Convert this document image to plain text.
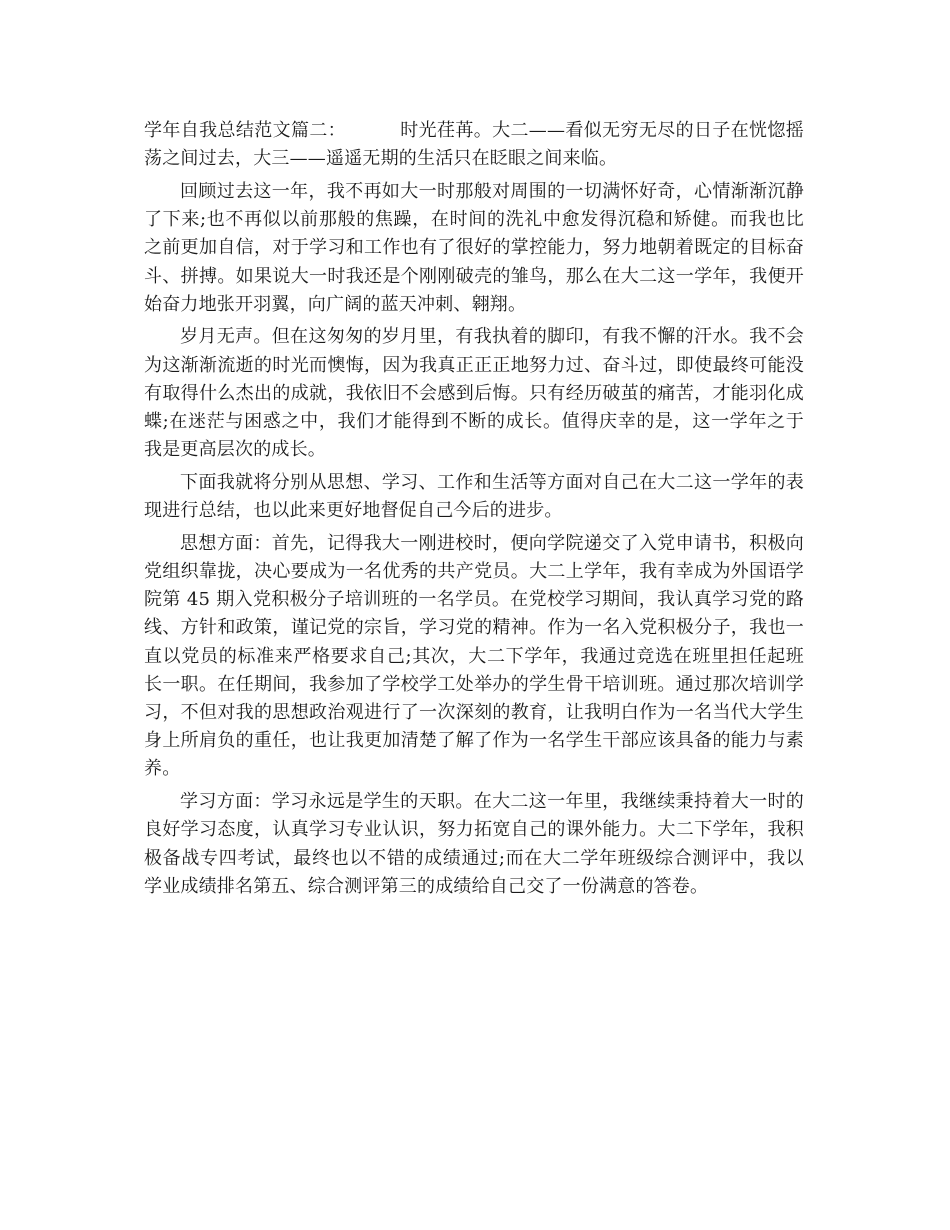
学年自我总结范文篇二：	时光荏苒。大二——看似无穷无尽的日子在恍惚摇荡之间过去，大三——遥遥无期的生活只在眨眼之间来临。

回顾过去这一年，我不再如大一时那般对周围的一切满怀好奇，心情渐渐沉静了下来;也不再似以前那般的焦躁，在时间的洗礼中愈发得沉稳和矫健。而我也比之前更加自信，对于学习和工作也有了很好的掌控能力，努力地朝着既定的目标奋斗、拼搏。如果说大一时我还是个刚刚破壳的雏鸟，那么在大二这一学年，我便开始奋力地张开羽翼，向广阔的蓝天冲刺、翱翔。

岁月无声。但在这匆匆的岁月里，有我执着的脚印，有我不懈的汗水。我不会为这渐渐流逝的时光而懊悔，因为我真正正正地努力过、奋斗过，即使最终可能没有取得什么杰出的成就，我依旧不会感到后悔。只有经历破茧的痛苦，才能羽化成蝶;在迷茫与困惑之中，我们才能得到不断的成长。值得庆幸的是，这一学年之于我是更高层次的成长。

下面我就将分别从思想、学习、工作和生活等方面对自己在大二这一学年的表现进行总结，也以此来更好地督促自己今后的进步。

思想方面：首先，记得我大一刚进校时，便向学院递交了入党申请书，积极向党组织靠拢，决心要成为一名优秀的共产党员。大二上学年，我有幸成为外国语学院第 45 期入党积极分子培训班的一名学员。在党校学习期间，我认真学习党的路线、方针和政策，谨记党的宗旨，学习党的精神。作为一名入党积极分子，我也一直以党员的标准来严格要求自己;其次，大二下学年，我通过竞选在班里担任起班长一职。在任期间，我参加了学校学工处举办的学生骨干培训班。通过那次培训学习，不但对我的思想政治观进行了一次深刻的教育，让我明白作为一名当代大学生身上所肩负的重任，也让我更加清楚了解了作为一名学生干部应该具备的能力与素养。

学习方面：学习永远是学生的天职。在大二这一年里，我继续秉持着大一时的良好学习态度，认真学习专业认识，努力拓宽自己的课外能力。大二下学年，我积极备战专四考试，最终也以不错的成绩通过;而在大二学年班级综合测评中，我以学业成绩排名第五、综合测评第三的成绩给自己交了一份满意的答卷。
